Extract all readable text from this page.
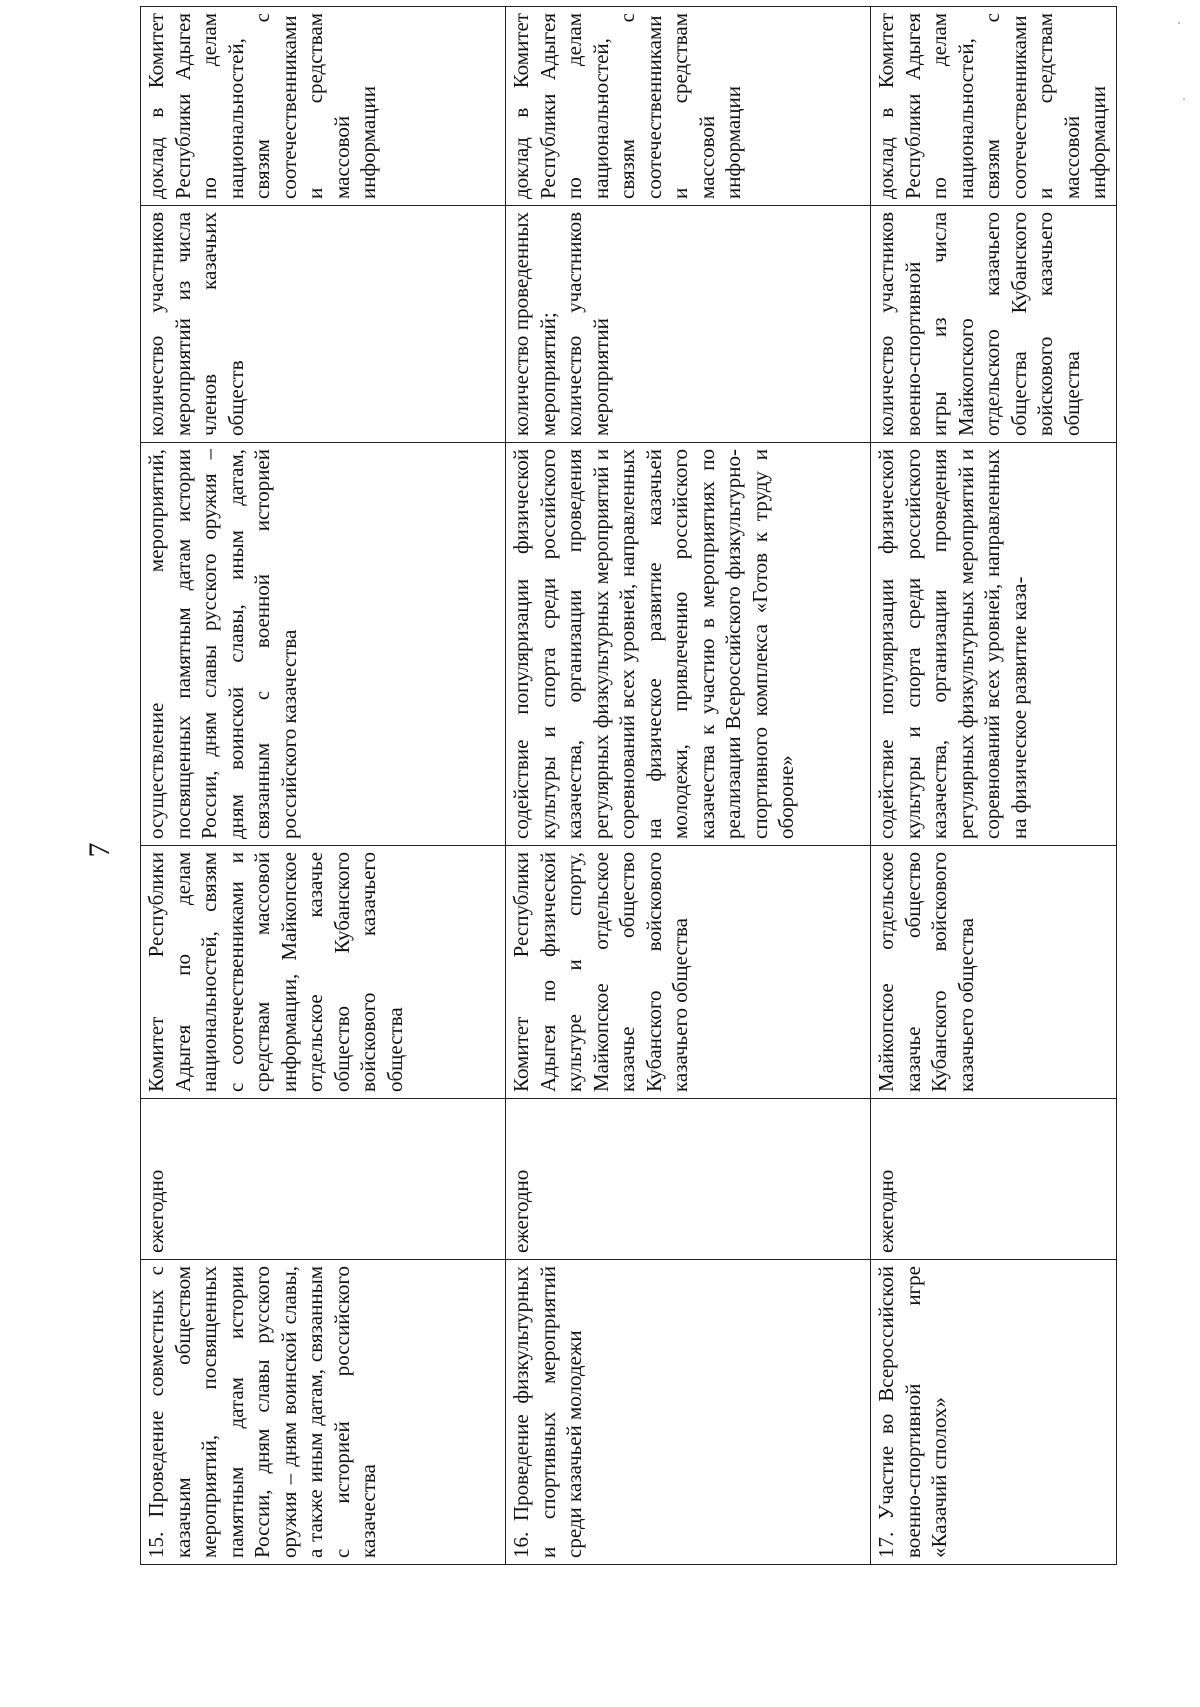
7
15. Проведение совместных с казачьим обществом мероприятий, посвященных памятным датам истории России, дням славы русского оружия – дням воинской славы, а также иным датам, связанным с историей российского казачества	ежегодно	Комитет Республики Адыгея по делам национальностей, связям с соотечественниками и средствам массовой информации, Майкопское отдельское казачье общество Кубанского войскового казачьего общества	осуществление мероприятий, посвященных памятным датам истории России, дням славы русского оружия – дням воинской славы, иным датам, связанным с военной историей российского казачества	количество участников мероприятий из числа членов казачьих обществ	доклад в Комитет Республики Адыгея по делам национальностей, связям с соотечественниками и средствам массовой информации

16. Проведение физкультурных и спортивных мероприятий среди казачьей молодежи	ежегодно	Комитет Республики Адыгея по физической культуре и спорту, Майкопское отдельское казачье общество Кубанского войскового казачьего общества	содействие популяризации физической культуры и спорта среди российского казачества, организации проведения регулярных физкультурных мероприятий и соревнований всех уровней, направленных на физическое развитие казачьей молодежи, привлечению российского казачества к участию в мероприятиях по реализации Всероссийского физкультурно-спортивного комплекса «Готов к труду и обороне»	количество проведенных мероприятий; количество участников мероприятий	доклад в Комитет Республики Адыгея по делам национальностей, связям с соотечественниками и средствам массовой информации

17. Участие во Всероссийской военно-спортивной игре «Казачий сполох»	ежегодно	Майкопское отдельское казачье общество Кубанского войскового казачьего общества	содействие популяризации физической культуры и спорта среди российского казачества, организации проведения регулярных физкультурных мероприятий и соревнований всех уровней, направленных на физическое развитие каза-	количество участников военно-спортивной игры из числа Майкопского отдельского казачьего общества Кубанского войскового казачьего общества	доклад в Комитет Республики Адыгея по делам национальностей, связям с соотечественниками и средствам массовой информации
